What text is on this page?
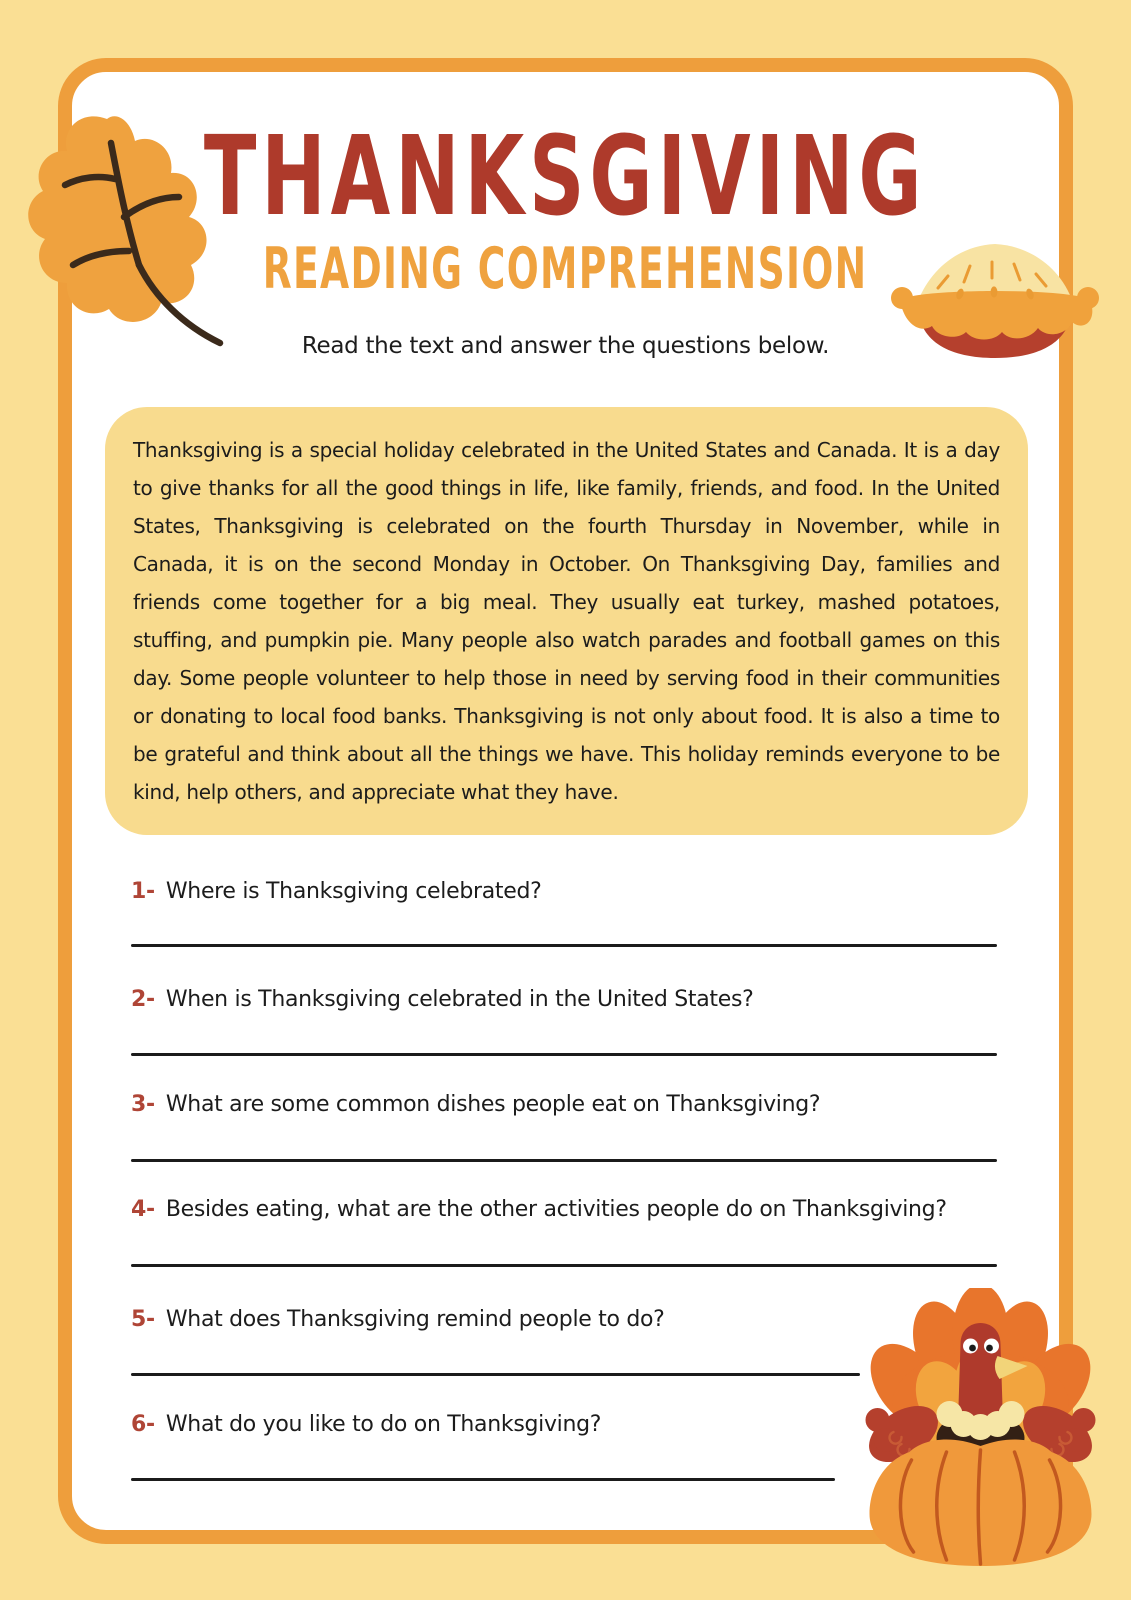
THANKSGIVING
READING COMPREHENSION

Read the text and answer the questions below.

Thanksgiving is a special holiday celebrated in the United States and Canada. It is a day to give thanks for all the good things in life, like family, friends, and food. In the United States, Thanksgiving is celebrated on the fourth Thursday in November, while in Canada, it is on the second Monday in October. On Thanksgiving Day, families and friends come together for a big meal. They usually eat turkey, mashed potatoes, stuffing, and pumpkin pie. Many people also watch parades and football games on this day. Some people volunteer to help those in need by serving food in their communities or donating to local food banks. Thanksgiving is not only about food. It is also a time to be grateful and think about all the things we have. This holiday reminds everyone to be kind, help others, and appreciate what they have.

1- Where is Thanksgiving celebrated?
2- When is Thanksgiving celebrated in the United States?
3- What are some common dishes people eat on Thanksgiving?
4- Besides eating, what are the other activities people do on Thanksgiving?
5- What does Thanksgiving remind people to do?
6- What do you like to do on Thanksgiving?
